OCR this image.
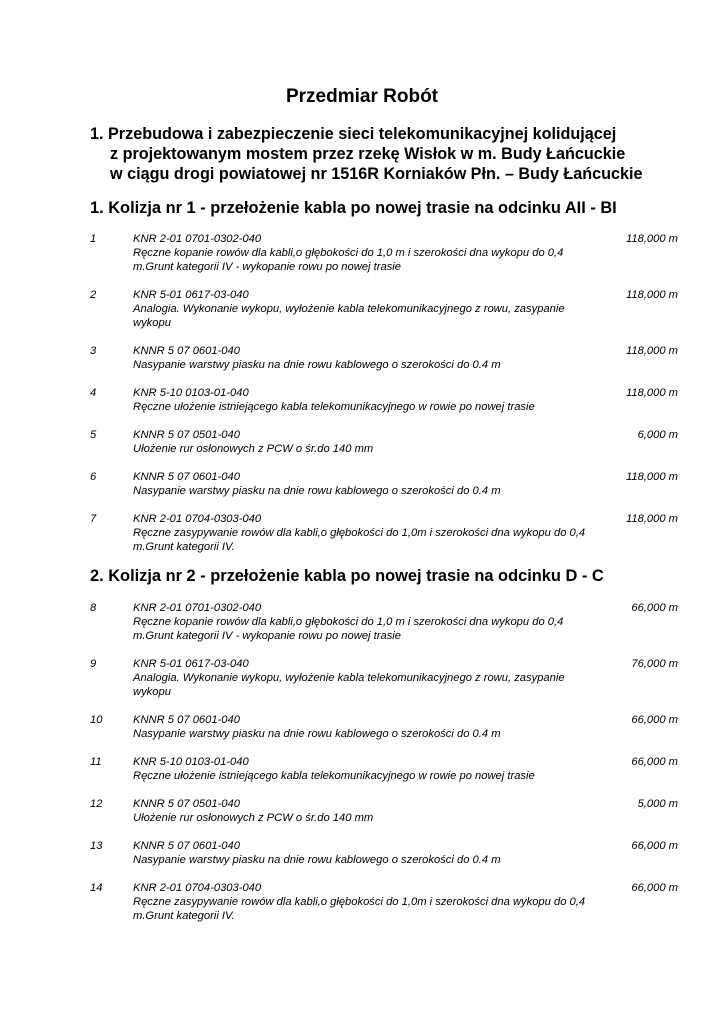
Przedmiar Robót
1. Przebudowa i zabezpieczenie sieci telekomunikacyjnej kolidującej
z projektowanym mostem przez rzekę Wisłok w m. Budy Łańcuckie
w ciągu drogi powiatowej nr 1516R Korniaków Płn. – Budy Łańcuckie
1. Kolizja nr 1 - przełożenie kabla po nowej trasie na odcinku AII - BI
1	KNR 2-01 0701-0302-040
Ręczne kopanie rowów dla kabli,o głębokości do 1,0 m i szerokości dna wykopu do 0,4 m.Grunt kategorii IV - wykopanie rowu po nowej trasie
118,000 m
2	KNR 5-01 0617-03-040
Analogia. Wykonanie wykopu, wyłożenie kabla telekomunikacyjnego z rowu, zasypanie wykopu
118,000 m
3	KNNR 5 07 0601-040
Nasypanie warstwy piasku na dnie rowu kablowego o szerokości do 0.4 m
118,000 m
4	KNR 5-10 0103-01-040
Ręczne ułożenie istniejącego kabla telekomunikacyjnego w rowie po nowej trasie
118,000 m
5	KNNR 5 07 0501-040
Ułożenie rur osłonowych z PCW o śr.do 140 mm
6,000 m
6	KNNR 5 07 0601-040
Nasypanie warstwy piasku na dnie rowu kablowego o szerokości do 0.4 m
118,000 m
7	KNR 2-01 0704-0303-040
Ręczne zasypywanie rowów dla kabli,o głębokości do 1,0m i szerokości dna wykopu do 0,4 m.Grunt kategorii IV.
118,000 m
2. Kolizja nr 2 - przełożenie kabla po nowej trasie na odcinku D - C
8	KNR 2-01 0701-0302-040
Ręczne kopanie rowów dla kabli,o głębokości do 1,0 m i szerokości dna wykopu do 0,4 m.Grunt kategorii IV - wykopanie rowu po nowej trasie
66,000 m
9	KNR 5-01 0617-03-040
Analogia. Wykonanie wykopu, wyłożenie kabla telekomunikacyjnego z rowu, zasypanie wykopu
76,000 m
10	KNNR 5 07 0601-040
Nasypanie warstwy piasku na dnie rowu kablowego o szerokości do 0.4 m
66,000 m
11	KNR 5-10 0103-01-040
Ręczne ułożenie istniejącego kabla telekomunikacyjnego w rowie po nowej trasie
66,000 m
12	KNNR 5 07 0501-040
Ułożenie rur osłonowych z PCW o śr.do 140 mm
5,000 m
13	KNNR 5 07 0601-040
Nasypanie warstwy piasku na dnie rowu kablowego o szerokości do 0.4 m
66,000 m
14	KNR 2-01 0704-0303-040
Ręczne zasypywanie rowów dla kabli,o głębokości do 1,0m i szerokości dna wykopu do 0,4 m.Grunt kategorii IV.
66,000 m
